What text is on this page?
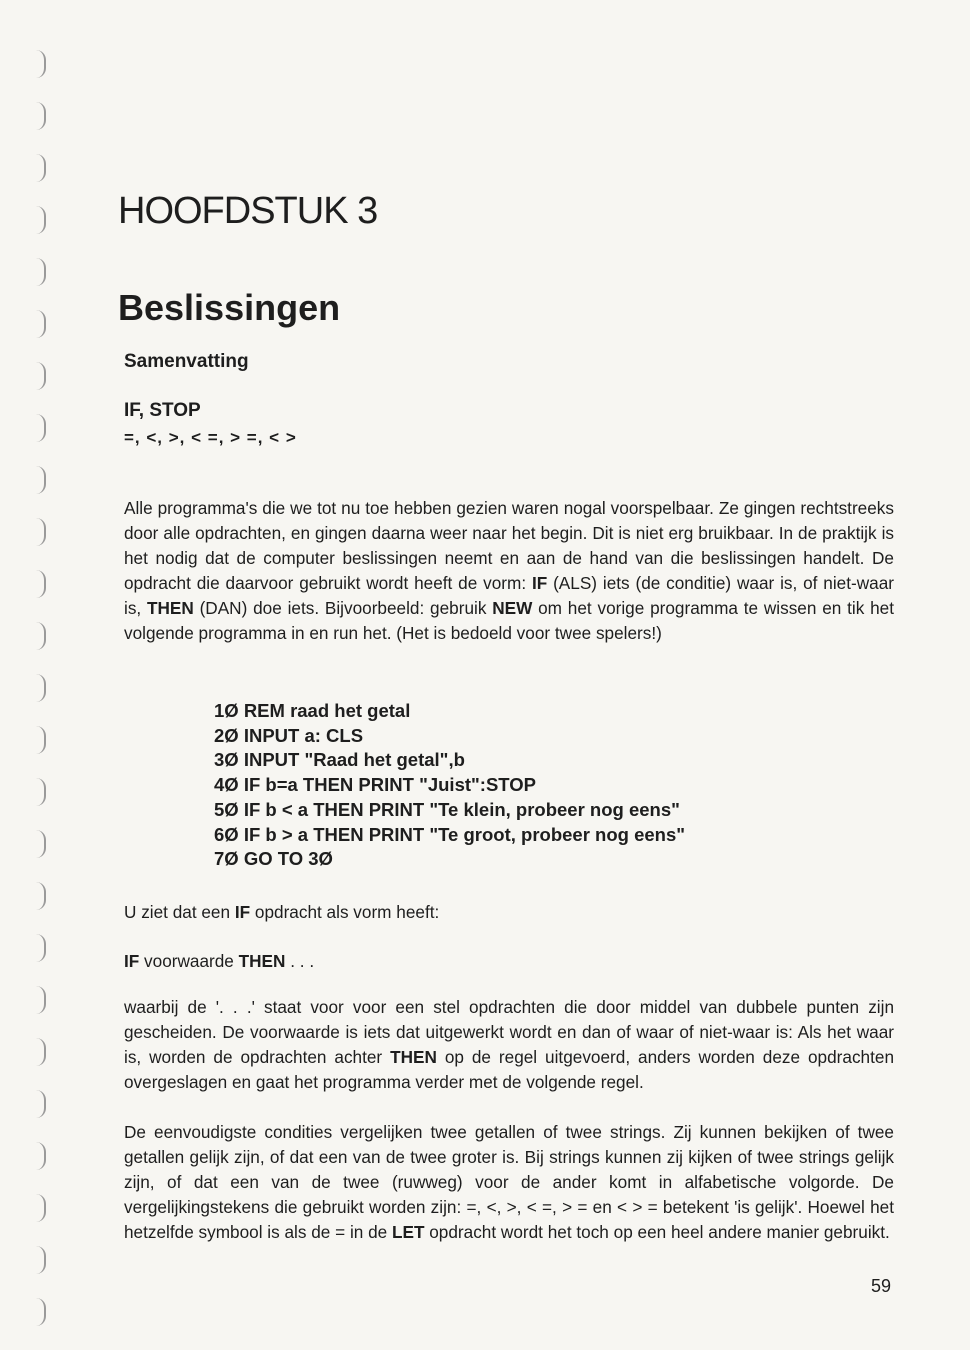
HOOFDSTUK 3
Beslissingen

Samenvatting

IF, STOP

=, <, >, < =, > =, < >

Alle programma's die we tot nu toe hebben gezien waren nogal voorspelbaar. Ze gingen rechtstreeks door alle opdrachten, en gingen daarna weer naar het begin. Dit is niet erg bruikbaar. In de praktijk is het nodig dat de computer beslissingen neemt en aan de hand van die beslissingen handelt. De opdracht die daarvoor gebruikt wordt heeft de vorm: IF (ALS) iets (de conditie) waar is, of niet-waar is, THEN (DAN) doe iets. Bijvoorbeeld: gebruik NEW om het vorige programma te wissen en tik het volgende programma in en run het. (Het is bedoeld voor twee spelers!)

1Ø REM raad het getal
2Ø INPUT a: CLS
3Ø INPUT "Raad het getal",b
4Ø IF b=a THEN PRINT "Juist":STOP
5Ø IF b < a THEN PRINT "Te klein, probeer nog eens"
6Ø IF b > a THEN PRINT "Te groot, probeer nog eens"
7Ø GO TO 3Ø

U ziet dat een IF opdracht als vorm heeft:

IF voorwaarde THEN . . .

waarbij de '. . .' staat voor voor een stel opdrachten die door middel van dubbele punten zijn gescheiden. De voorwaarde is iets dat uitgewerkt wordt en dan of waar of niet-waar is: Als het waar is, worden de opdrachten achter THEN op de regel uitgevoerd, anders worden deze opdrachten overgeslagen en gaat het programma verder met de volgende regel.

De eenvoudigste condities vergelijken twee getallen of twee strings. Zij kunnen bekijken of twee getallen gelijk zijn, of dat een van de twee groter is. Bij strings kunnen zij kijken of twee strings gelijk zijn, of dat een van de twee (ruwweg) voor de ander komt in alfabetische volgorde. De vergelijkingstekens die gebruikt worden zijn: =, <, >, < =, > = en < > = betekent 'is gelijk'. Hoewel het hetzelfde symbool is als de = in de LET opdracht wordt het toch op een heel andere manier gebruikt.

59
